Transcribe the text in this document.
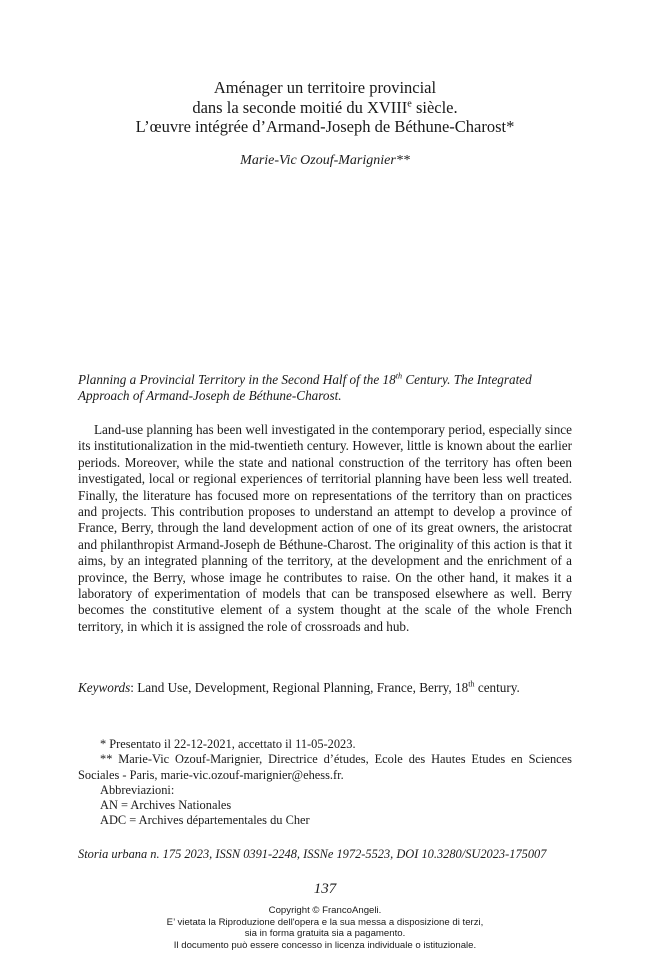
Aménager un territoire provincial
dans la seconde moitié du XVIIIe siècle.
L’œuvre intégrée d’Armand-Joseph de Béthune-Charost*
Marie-Vic Ozouf-Marignier**
Planning a Provincial Territory in the Second Half of the 18th Century. The Integrated Approach of Armand-Joseph de Béthune-Charost.

Land-use planning has been well investigated in the contemporary period, especially since its institutionalization in the mid-twentieth century. However, little is known about the earlier periods. Moreover, while the state and national construction of the territory has often been investigated, local or regional experiences of territorial planning have been less well treated. Finally, the literature has focused more on representations of the territory than on practices and projects. This contribution proposes to understand an attempt to develop a province of France, Berry, through the land development action of one of its great owners, the aristocrat and philanthropist Armand-Joseph de Béthune-Charost. The originality of this action is that it aims, by an integrated planning of the territory, at the development and the enrichment of a province, the Berry, whose image he contributes to raise. On the other hand, it makes it a laboratory of experimentation of models that can be transposed elsewhere as well. Berry becomes the constitutive element of a system thought at the scale of the whole French territory, in which it is assigned the role of crossroads and hub.

Keywords: Land Use, Development, Regional Planning, France, Berry, 18th century.
* Presentato il 22-12-2021, accettato il 11-05-2023.
** Marie-Vic Ozouf-Marignier, Directrice d’études, Ecole des Hautes Etudes en Sciences Sociales - Paris, marie-vic.ozouf-marignier@ehess.fr.
Abbreviazioni:
AN = Archives Nationales
ADC = Archives départementales du Cher
Storia urbana n. 175 2023, ISSN 0391-2248, ISSNe 1972-5523, DOI 10.3280/SU2023-175007
137
Copyright © FrancoAngeli.
E’ vietata la Riproduzione dell'opera e la sua messa a disposizione di terzi,
sia in forma gratuita sia a pagamento.
Il documento può essere concesso in licenza individuale o istituzionale.
